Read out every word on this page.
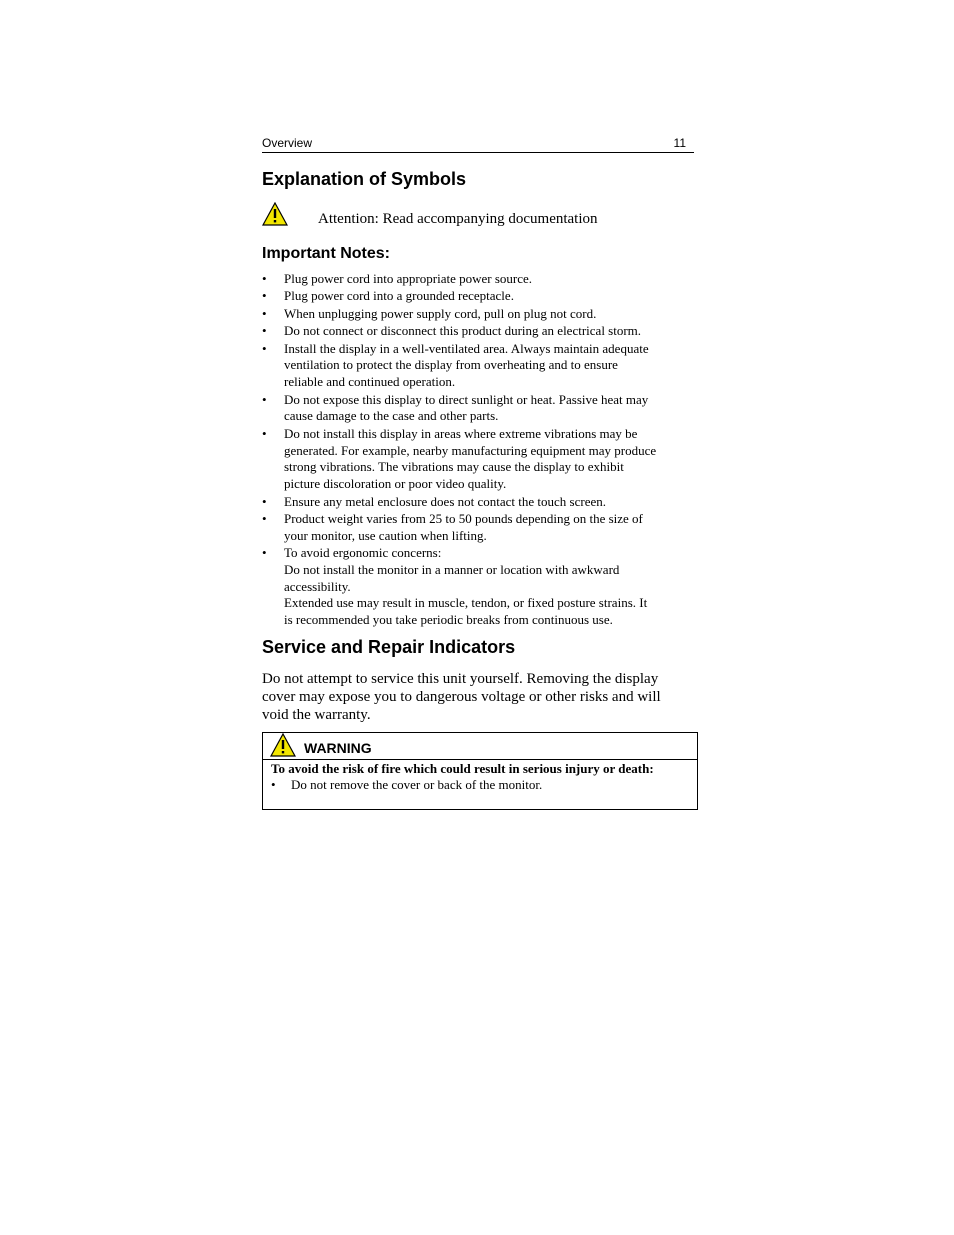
Overview	11
Explanation of Symbols
Attention: Read accompanying documentation
Important Notes:
• Plug power cord into appropriate power source.
• Plug power cord into a grounded receptacle.
• When unplugging power supply cord, pull on plug not cord.
• Do not connect or disconnect this product during an electrical storm.
• Install the display in a well-ventilated area. Always maintain adequate
ventilation to protect the display from overheating and to ensure
reliable and continued operation.
• Do not expose this display to direct sunlight or heat. Passive heat may
cause damage to the case and other parts.
• Do not install this display in areas where extreme vibrations may be
generated. For example, nearby manufacturing equipment may produce
strong vibrations. The vibrations may cause the display to exhibit
picture discoloration or poor video quality.
• Ensure any metal enclosure does not contact the touch screen.
• Product weight varies from 25 to 50 pounds depending on the size of
your monitor, use caution when lifting.
• To avoid ergonomic concerns:
Do not install the monitor in a manner or location with awkward
accessibility.
Extended use may result in muscle, tendon, or fixed posture strains. It
is recommended you take periodic breaks from continuous use.
Service and Repair Indicators

Do not attempt to service this unit yourself. Removing the display
cover may expose you to dangerous voltage or other risks and will
void the warranty.

WARNING
To avoid the risk of fire which could result in serious injury or death:
• Do not remove the cover or back of the monitor.
